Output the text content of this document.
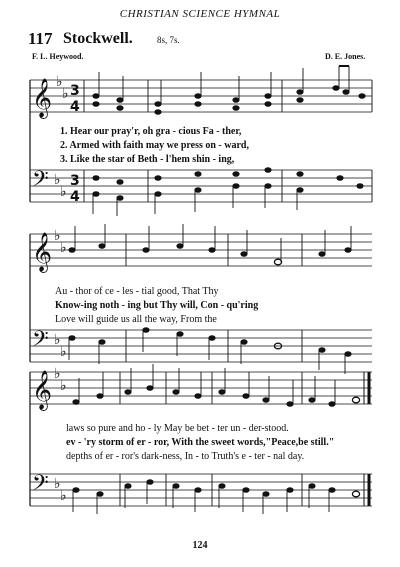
CHRISTIAN SCIENCE HYMNAL
117 Stockwell.	8s, 7s.
F. L. Heywood.	D. E. Jones.
1. Hear our pray'r, oh gra - cious Fa - ther,
2. Armed with faith may we press on - ward,
3. Like the star of Beth - l'hem shin - ing,
Au - thor of ce - les - tial good, That Thy
Know-ing noth - ing but Thy will, Con - qu'ring
Love will guide us all the way, From the
laws so pure and ho - ly May be bet - ter un - der-stood.
ev - 'ry storm of er - ror, With the sweet words,"Peace,be still."
depths of er - ror's dark-ness, In - to Truth's e - ter - nal day.
124
𝄞
𝄢
𝄞
𝄢
𝄞
𝄢
♭
♭
♭
♭
♭
♭
♭
♭
♭
♭
♭
♭
3
4
3
4
